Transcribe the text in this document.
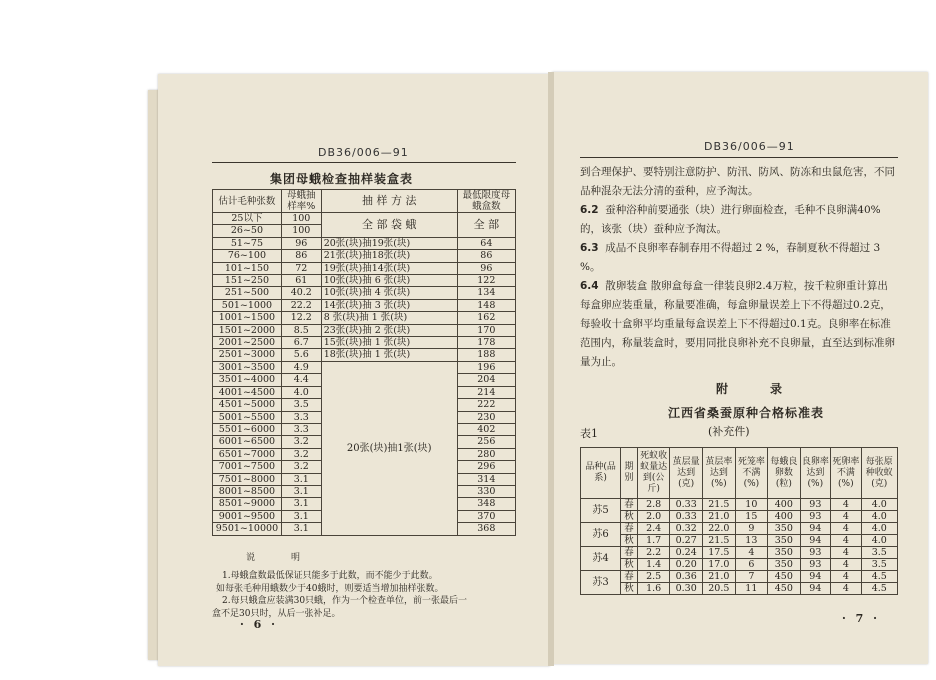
DB36/006—91
集团母蛾检查抽样装盒表
估计毛种张数	母蛾抽样率%	抽 样 方 法	最低限度母蛾盒数
25以下	100	全 部 袋 蛾	全 部
26~50	100		
51~75	96	20张(块)抽19张(块)	64
76~100	86	21张(块)抽18张(块)	86
101~150	72	19张(块)抽14张(块)	96
151~250	61	10张(块)抽 6 张(块)	122
251~500	40.2	10张(块)抽 4 张(块)	134
501~1000	22.2	14张(块)抽 3 张(块)	148
1001~1500	12.2	8 张(块)抽 1 张(块)	162
1501~2000	8.5	23张(块)抽 2 张(块)	170
2001~2500	6.7	15张(块)抽 1 张(块)	178
2501~3000	5.6	18张(块)抽 1 张(块)	188
3001~3500	4.9	20张(块)抽1张(块)	196
3501~4000	4.4		204
4001~4500	4.0		214
4501~5000	3.5		222
5001~5500	3.3		230
5501~6000	3.3		402
6001~6500	3.2		256
6501~7000	3.2		280
7001~7500	3.2		296
7501~8000	3.1		314
8001~8500	3.1		330
8501~9000	3.1		348
9001~9500	3.1		370
9501~10000	3.1		368
说　　　　明
1.母蛾盒数最低保证只能多于此数，而不能少于此数。
如每张毛种用蛾数少于40蛾时，则要适当增加抽样张数。
2.每只蛾盒应装满30只蛾，作为一个检查单位，前一张最后一
盒不足30只时，从后一张补足。
· 6 ·
DB36/006—91

到合理保护、要特别注意防护、防汛、防风、防冻和虫鼠危害，不同品种混杂无法分清的蚕种，应予淘汰。

6.2 蚕种浴种前要通张（块）进行卵面检查，毛种不良卵满40%的，该张（块）蚕种应予淘汰。

6.3 成品不良卵率春制春用不得超过 2 %，春制夏秋不得超过 3 %。

6.4 散卵装盒 散卵盒每盒一律装良卵2.4万粒，按千粒卵重计算出每盒卵应装重量，称量要准确，每盒卵量误差上下不得超过0.2克，每验收十盒卵平均重量每盒误差上下不得超过0.1克。良卵率在标准范围内，称量装盒时，要用同批良卵补充不良卵量，直至达到标准卵量为止。

附　　录
江西省桑蚕原种合格标准表
(补充件)
表1
品种(品系)	期别	死蚁收蚁量达到(公斤)	茧层量达到(克)	茧层率达到(%)	死笼率不满(%)	每蛾良卵数(粒)	良卵率达到(%)	死卵率不满(%)	每张原种收蚁(克)
苏5	春	2.8	0.33	21.5	10	400	93	4	4.0
	秋	2.0	0.33	21.0	15	400	93	4	4.0
苏6	春	2.4	0.32	22.0	9	350	94	4	4.0
	秋	1.7	0.27	21.5	13	350	94	4	4.0
苏4	春	2.2	0.24	17.5	4	350	93	4	3.5
	秋	1.4	0.20	17.0	6	350	93	4	3.5
苏3	春	2.5	0.36	21.0	7	450	94	4	4.5
	秋	1.6	0.30	20.5	11	450	94	4	4.5
· 7 ·
